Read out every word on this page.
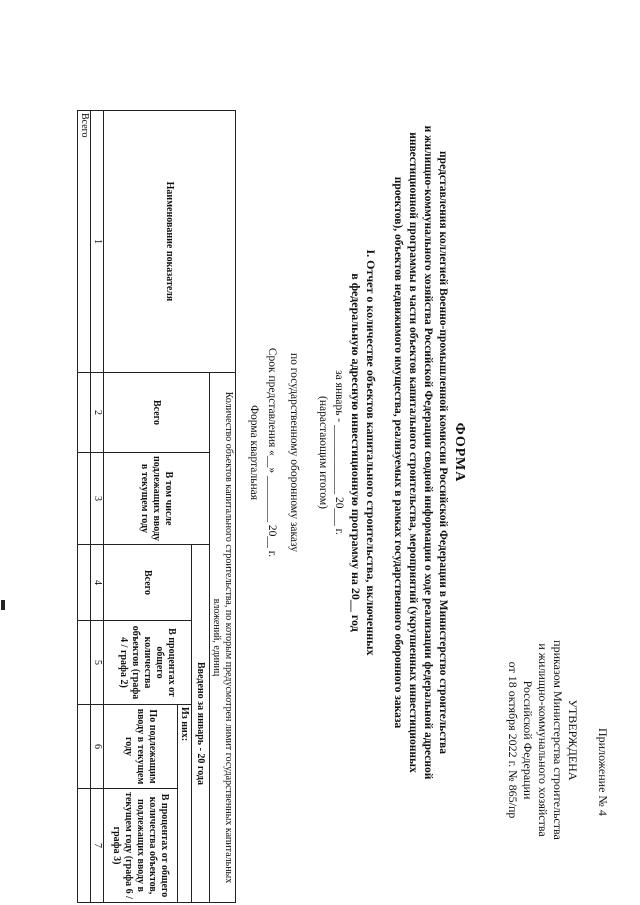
Приложение № 4
УТВЕРЖДЕНА
приказом Министерства строительства
и жилищно-коммунального хозяйства
Российской Федерации
от 18 октября 2022 г. № 865/пр
ФОРМА
представления коллегией Военно-промышленной комиссии Российской Федерации в Министерство строительства
и жилищно-коммунального хозяйства Российской Федерации сводной информации о ходе реализации федеральной адресной
инвестиционной программы в части объектов капитального строительства, мероприятий (укрупненных инвестиционных
проектов), объектов недвижимого имущества, реализуемых в рамках государственного оборонного заказа
I. Отчет о количестве объектов капитального строительства, включенных
в федеральную адресную инвестиционную программу на 20__ год
за январь - ____________ 20___ г.
(нарастающим итогом)
по государственному оборонному заказу
Срок представления «__» ________ 20__ г.
Форма квартальная
Наименование показателя	Количество объектов капитального строительства, по которым предусмотрен лимит государственных капитальных вложений, единиц					
	Всего	В том числе подлежащих вводу в текущем году	Введено за январь - 20 года			
			Всего	В процентах от общего количества объектов (графа 4 / графа 2)	Из них:	
					По подлежащим вводу в текущем году	В процентах от общего количества объектов, подлежащих вводу в текущем году (графа 6 / графа 3)
1	2	3	4	5	6	7
Всего						
